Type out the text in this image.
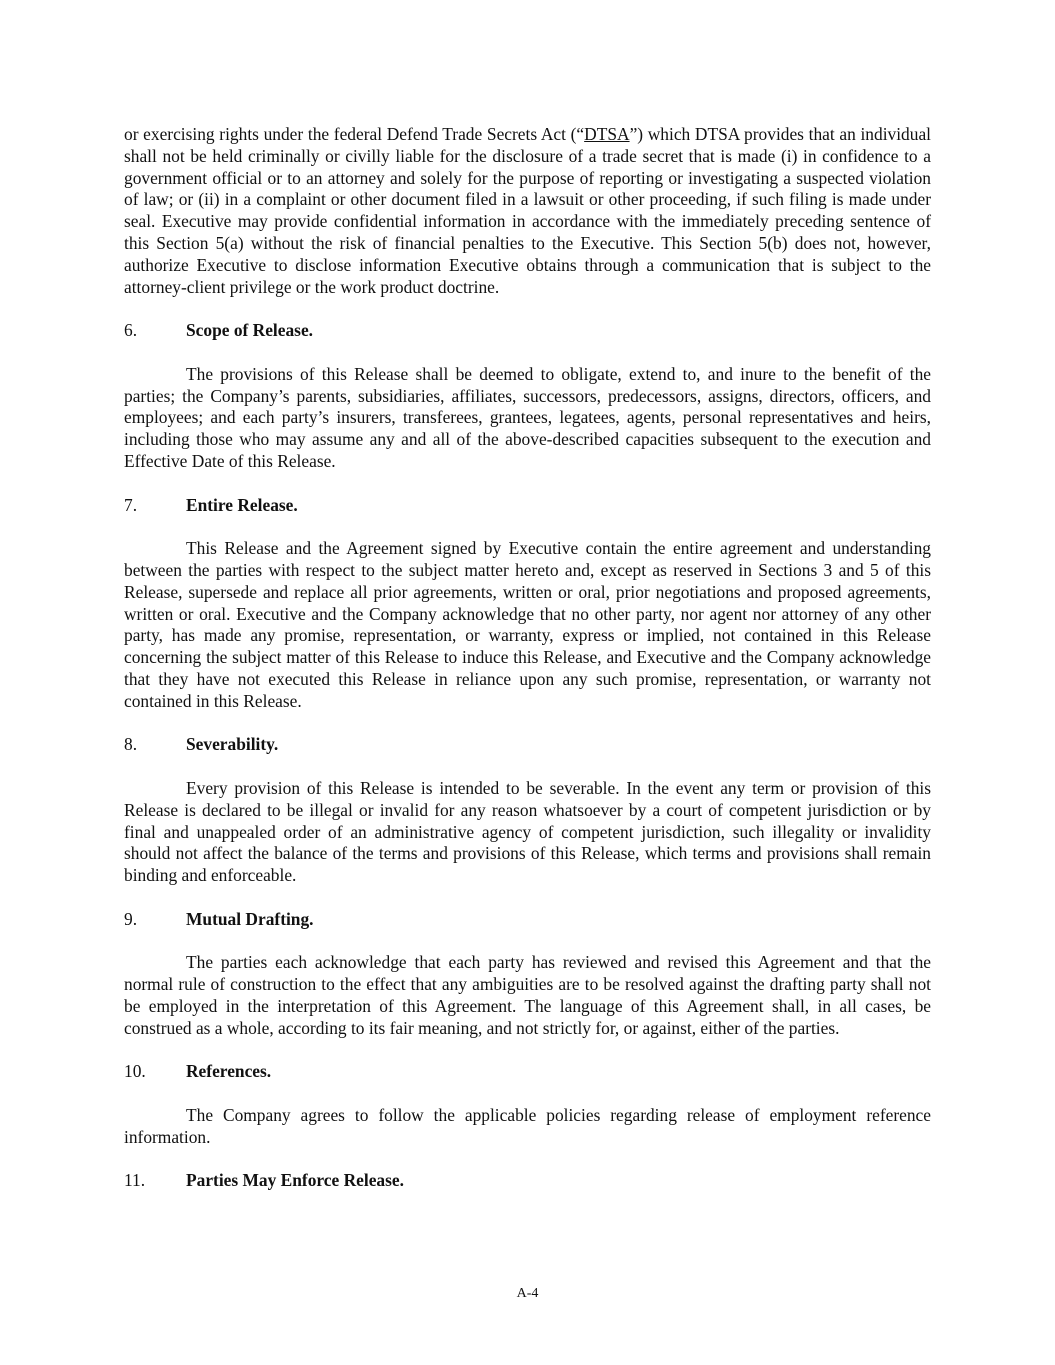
or exercising rights under the federal Defend Trade Secrets Act (“DTSA”) which DTSA provides that an individual shall not be held criminally or civilly liable for the disclosure of a trade secret that is made (i) in confidence to a government official or to an attorney and solely for the purpose of reporting or investigating a suspected violation of law; or (ii) in a complaint or other document filed in a lawsuit or other proceeding, if such filing is made under seal. Executive may provide confidential information in accordance with the immediately preceding sentence of this Section 5(a) without the risk of financial penalties to the Executive. This Section 5(b) does not, however, authorize Executive to disclose information Executive obtains through a communication that is subject to the attorney-client privilege or the work product doctrine.

6.	Scope of Release.

The provisions of this Release shall be deemed to obligate, extend to, and inure to the benefit of the parties; the Company’s parents, subsidiaries, affiliates, successors, predecessors, assigns, directors, officers, and employees; and each party’s insurers, transferees, grantees, legatees, agents, personal representatives and heirs, including those who may assume any and all of the above-described capacities subsequent to the execution and Effective Date of this Release.

7.	Entire Release.

This Release and the Agreement signed by Executive contain the entire agreement and understanding between the parties with respect to the subject matter hereto and, except as reserved in Sections 3 and 5 of this Release, supersede and replace all prior agreements, written or oral, prior negotiations and proposed agreements, written or oral. Executive and the Company acknowledge that no other party, nor agent nor attorney of any other party, has made any promise, representation, or warranty, express or implied, not contained in this Release concerning the subject matter of this Release to induce this Release, and Executive and the Company acknowledge that they have not executed this Release in reliance upon any such promise, representation, or warranty not contained in this Release.

8.	Severability.

Every provision of this Release is intended to be severable. In the event any term or provision of this Release is declared to be illegal or invalid for any reason whatsoever by a court of competent jurisdiction or by final and unappealed order of an administrative agency of competent jurisdiction, such illegality or invalidity should not affect the balance of the terms and provisions of this Release, which terms and provisions shall remain binding and enforceable.

9.	Mutual Drafting.

The parties each acknowledge that each party has reviewed and revised this Agreement and that the normal rule of construction to the effect that any ambiguities are to be resolved against the drafting party shall not be employed in the interpretation of this Agreement. The language of this Agreement shall, in all cases, be construed as a whole, according to its fair meaning, and not strictly for, or against, either of the parties.

10.	References.

The Company agrees to follow the applicable policies regarding release of employment reference information.

11.	Parties May Enforce Release.
A-4
